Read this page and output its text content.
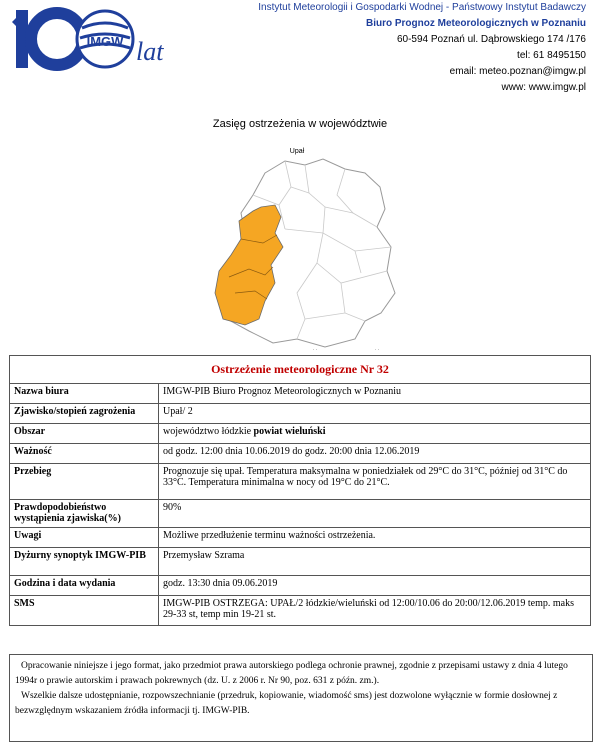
IMGW lat
Instytut Meteorologii i Gospodarki Wodnej - Państwowy Instytut Badawczy
Biuro Prognoz Meteorologicznych w Poznaniu
60-594 Poznań ul. Dąbrowskiego 174 /176
tel: 61 8495150
email: meteo.poznan@imgw.pl
www: www.imgw.pl
Zasięg ostrzeżenia w województwie
Upał
. .	. .
Ostrzeżenie meteorologiczne Nr 32	
Nazwa biura	IMGW-PIB Biuro Prognoz Meteorologicznych w Poznaniu
Zjawisko/stopień zagrożenia	Upał/ 2
Obszar	województwo łódzkie powiat wieluński
Ważność	od godz. 12:00 dnia 10.06.2019 do godz. 20:00 dnia 12.06.2019
Przebieg	Prognozuje się upał. Temperatura maksymalna w poniedziałek od 29°C do 31°C, później od 31°C do 33°C. Temperatura minimalna w nocy od 19°C do 21°C.
Prawdopodobieństwo wystąpienia zjawiska(%)	90%
Uwagi	Możliwe przedłużenie terminu ważności ostrzeżenia.
Dyżurny synoptyk IMGW-PIB	Przemysław Szrama
Godzina i data wydania	godz. 13:30 dnia 09.06.2019
SMS	IMGW-PIB OSTRZEGA: UPAŁ/2 łódzkie/wieluński od 12:00/10.06 do 20:00/12.06.2019 temp. maks 29-33 st, temp min 19-21 st.

Opracowanie niniejsze i jego format, jako przedmiot prawa autorskiego podlega ochronie prawnej, zgodnie z przepisami ustawy z dnia 4 lutego 1994r o prawie autorskim i prawach pokrewnych (dz. U. z 2006 r. Nr 90, poz. 631 z późn. zm.).

Wszelkie dalsze udostępnianie, rozpowszechnianie (przedruk, kopiowanie, wiadomość sms) jest dozwolone wyłącznie w formie dosłownej z bezwzględnym wskazaniem źródła informacji tj. IMGW-PIB.
